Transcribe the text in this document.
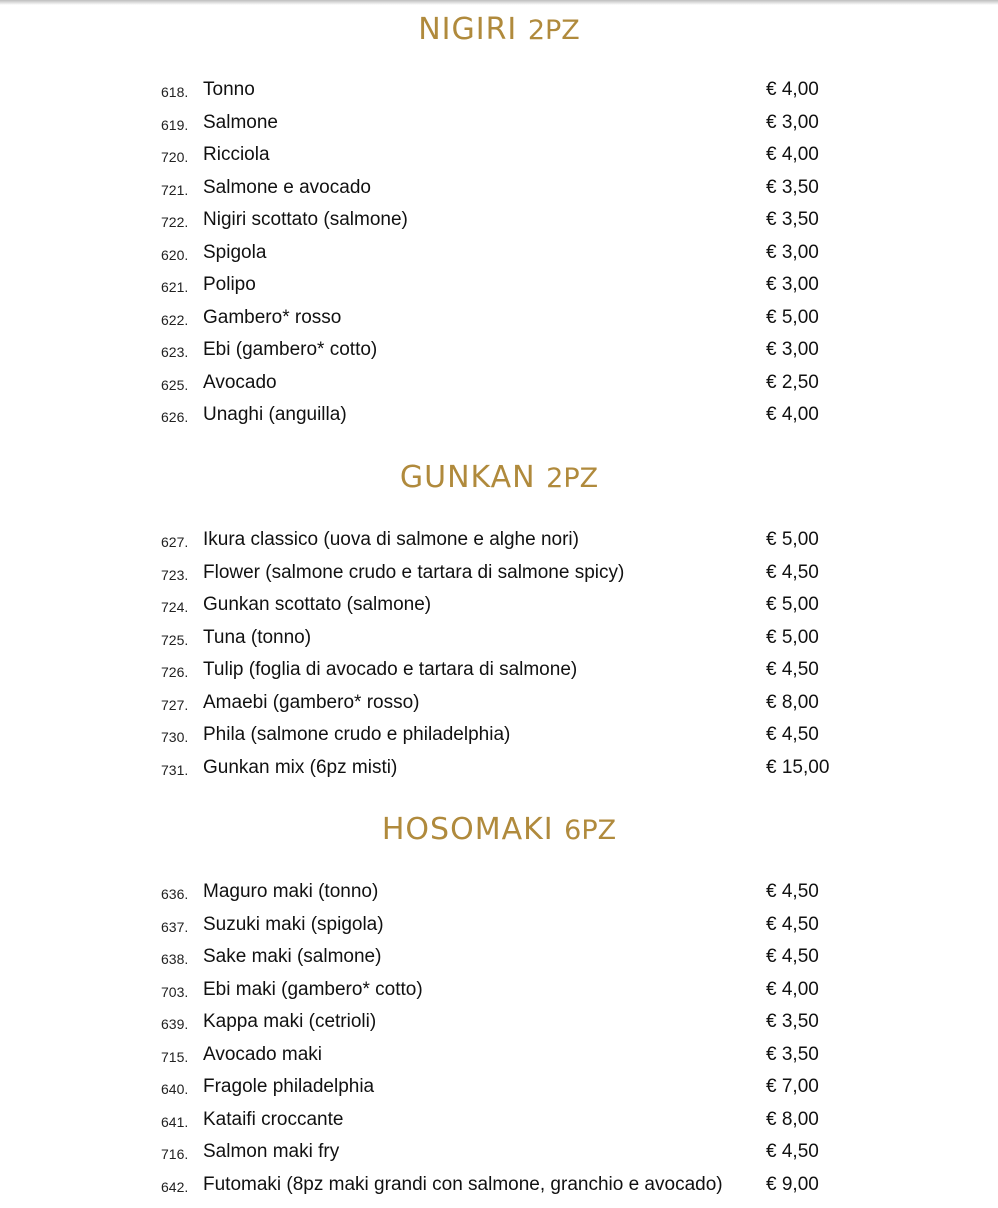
NIGIRI 2PZ
618. Tonno	€ 4,00
619. Salmone	€ 3,00
720. Ricciola	€ 4,00
721. Salmone e avocado	€ 3,50
722. Nigiri scottato (salmone)	€ 3,50
620. Spigola	€ 3,00
621. Polipo	€ 3,00
622. Gambero* rosso	€ 5,00
623. Ebi (gambero* cotto)	€ 3,00
625. Avocado	€ 2,50
626. Unaghi (anguilla)	€ 4,00
GUNKAN 2PZ
627. Ikura classico (uova di salmone e alghe nori)	€ 5,00
723. Flower (salmone crudo e tartara di salmone spicy)	€ 4,50
724. Gunkan scottato (salmone)	€ 5,00
725. Tuna (tonno)	€ 5,00
726. Tulip (foglia di avocado e tartara di salmone)	€ 4,50
727. Amaebi (gambero* rosso)	€ 8,00
730. Phila (salmone crudo e philadelphia)	€ 4,50
731. Gunkan mix (6pz misti)	€ 15,00
HOSOMAKI 6PZ
636. Maguro maki (tonno)	€ 4,50
637. Suzuki maki (spigola)	€ 4,50
638. Sake maki (salmone)	€ 4,50
703. Ebi maki (gambero* cotto)	€ 4,00
639. Kappa maki (cetrioli)	€ 3,50
715. Avocado maki	€ 3,50
640. Fragole philadelphia	€ 7,00
641. Kataifi croccante	€ 8,00
716. Salmon maki fry	€ 4,50
642. Futomaki (8pz maki grandi con salmone, granchio e avocado) € 9,00
